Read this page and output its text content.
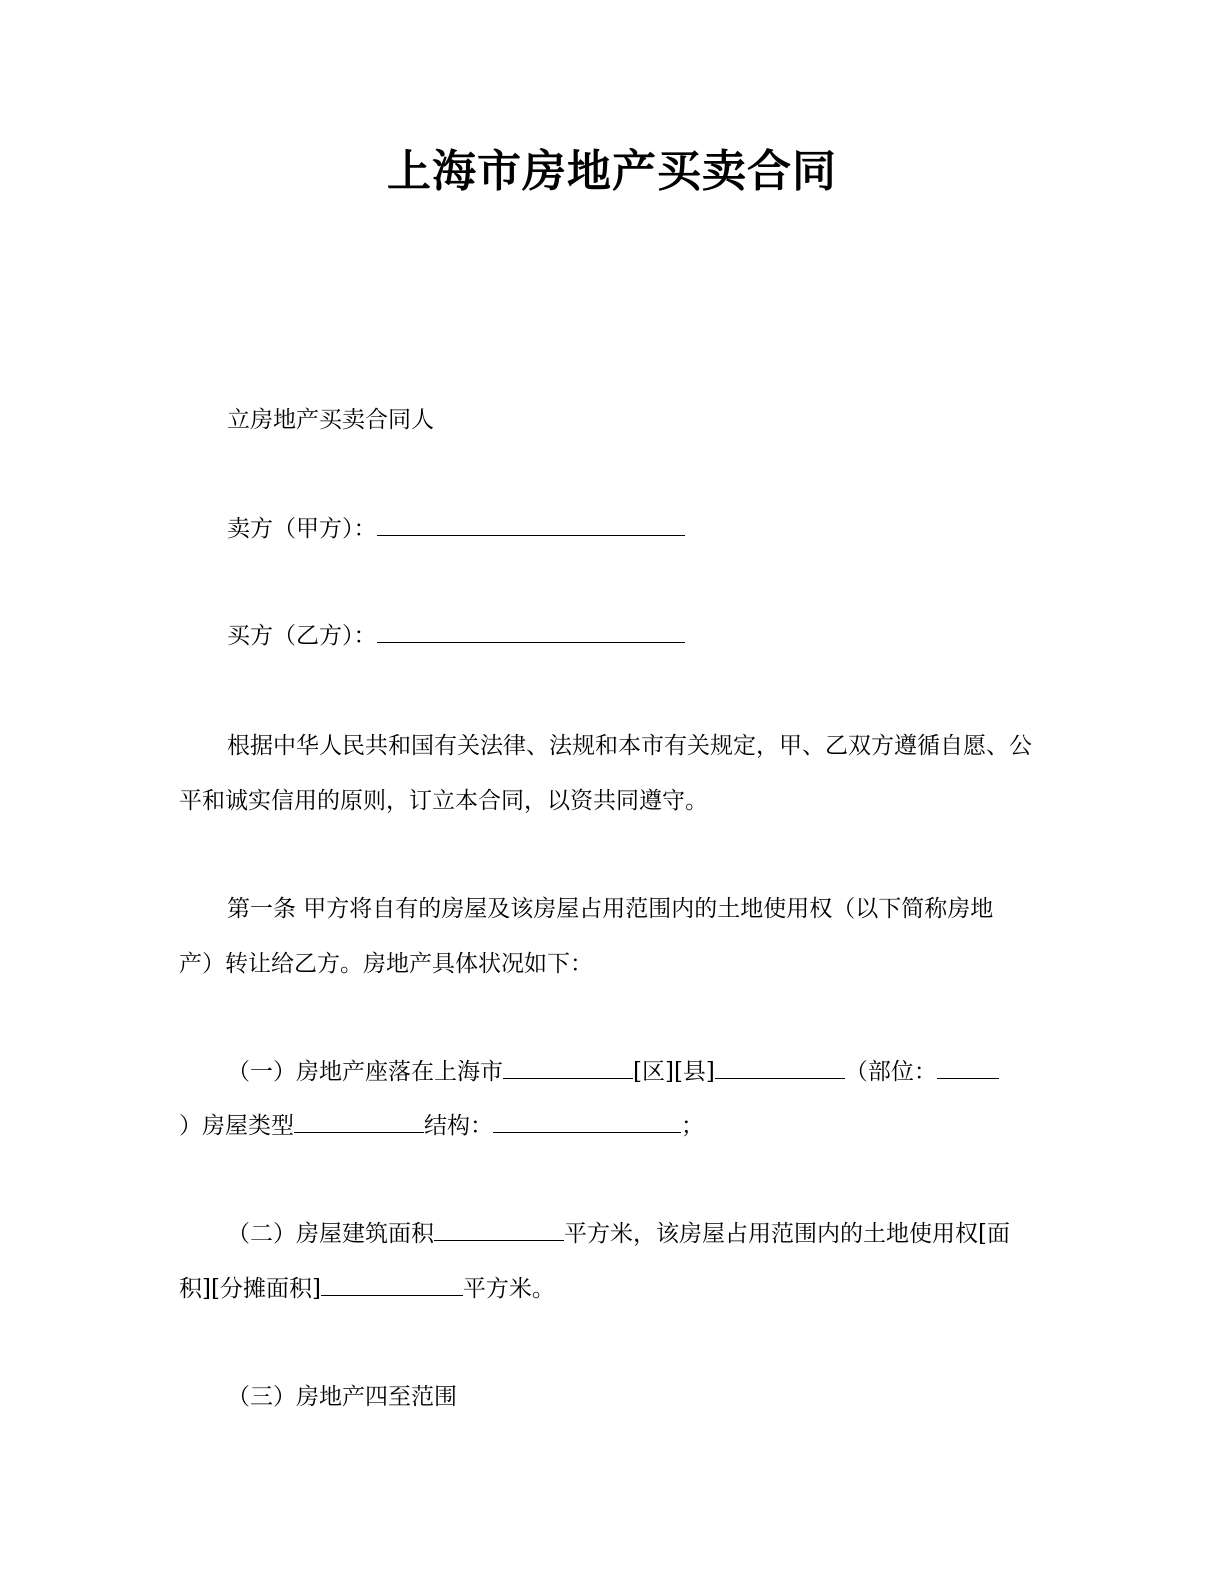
上海市房地产买卖合同
立房地产买卖合同人
卖方（甲方）：
买方（乙方）：
根据中华人民共和国有关法律、法规和本市有关规定，甲、乙双方遵循自愿、公
平和诚实信用的原则，订立本合同，以资共同遵守。
第一条 甲方将自有的房屋及该房屋占用范围内的土地使用权（以下简称房地
产）转让给乙方。房地产具体状况如下：
（一）房地产座落在上海市	[区][县]	（部位：
）房屋类型	结构：	；
（二）房屋建筑面积	平方米，该房屋占用范围内的土地使用权[面
积][分摊面积]	平方米。
（三）房地产四至范围
